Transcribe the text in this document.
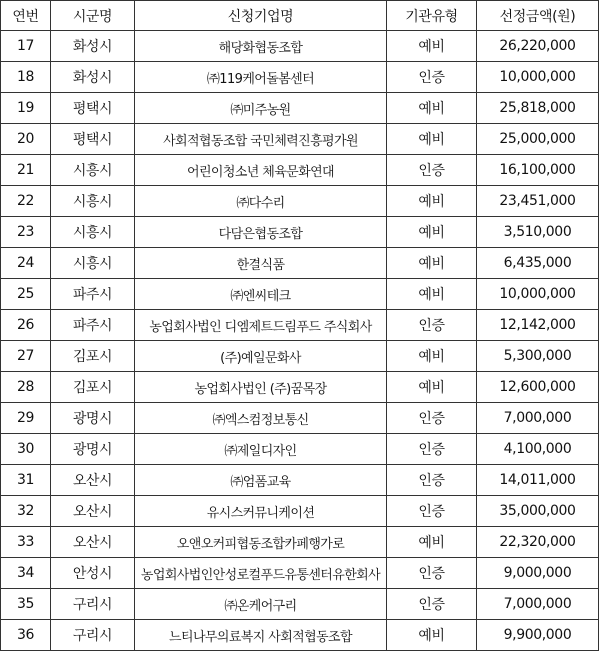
연번	시군명	신청기업명	기관유형	선정금액(원)
17	화성시	해당화협동조합	예비	26,220,000
18	화성시	㈜119케어돌봄센터	인증	10,000,000
19	평택시	㈜미주농원	예비	25,818,000
20	평택시	사회적협동조합 국민체력진흥평가원	예비	25,000,000
21	시흥시	어린이청소년 체육문화연대	인증	16,100,000
22	시흥시	㈜다수리	예비	23,451,000
23	시흥시	다담은협동조합	예비	3,510,000
24	시흥시	한결식품	예비	6,435,000
25	파주시	㈜엔씨테크	예비	10,000,000
26	파주시	농업회사법인 디엠제트드림푸드 주식회사	인증	12,142,000
27	김포시	(주)예일문화사	예비	5,300,000
28	김포시	농업회사법인 (주)꿈목장	예비	12,600,000
29	광명시	㈜엑스컴정보통신	인증	7,000,000
30	광명시	㈜제일디자인	인증	4,100,000
31	오산시	㈜엄폼교육	인증	14,011,000
32	오산시	유시스커뮤니케이션	인증	35,000,000
33	오산시	오앤오커피협동조합카페행가로	예비	22,320,000
34	안성시	농업회사법인안성로컬푸드유통센터유한회사	인증	9,000,000
35	구리시	㈜온케어구리	인증	7,000,000
36	구리시	느티나무의료복지 사회적협동조합	예비	9,900,000
